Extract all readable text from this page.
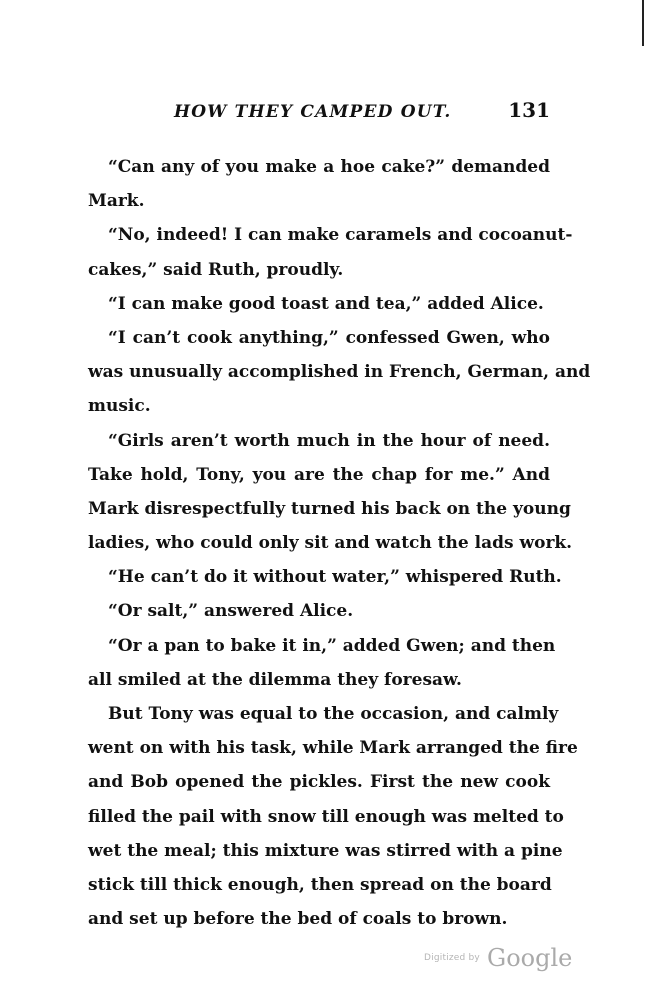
HOW THEY CAMPED OUT.	131
“Can any of you make a hoe cake?” demanded
Mark.
“No, indeed! I can make caramels and cocoanut-
cakes,” said Ruth, proudly.
“I can make good toast and tea,” added Alice.
“I can’t cook anything,” confessed Gwen, who
was unusually accomplished in French, German, and
music.
“Girls aren’t worth much in the hour of need.
Take hold, Tony, you are the chap for me.” And
Mark disrespectfully turned his back on the young
ladies, who could only sit and watch the lads work.
“He can’t do it without water,” whispered Ruth.
“Or salt,” answered Alice.
“Or a pan to bake it in,” added Gwen; and then
all smiled at the dilemma they foresaw.
But Tony was equal to the occasion, and calmly
went on with his task, while Mark arranged the fire
and Bob opened the pickles. First the new cook
filled the pail with snow till enough was melted to
wet the meal; this mixture was stirred with a pine
stick till thick enough, then spread on the board
and set up before the bed of coals to brown.
Digitized by Google
